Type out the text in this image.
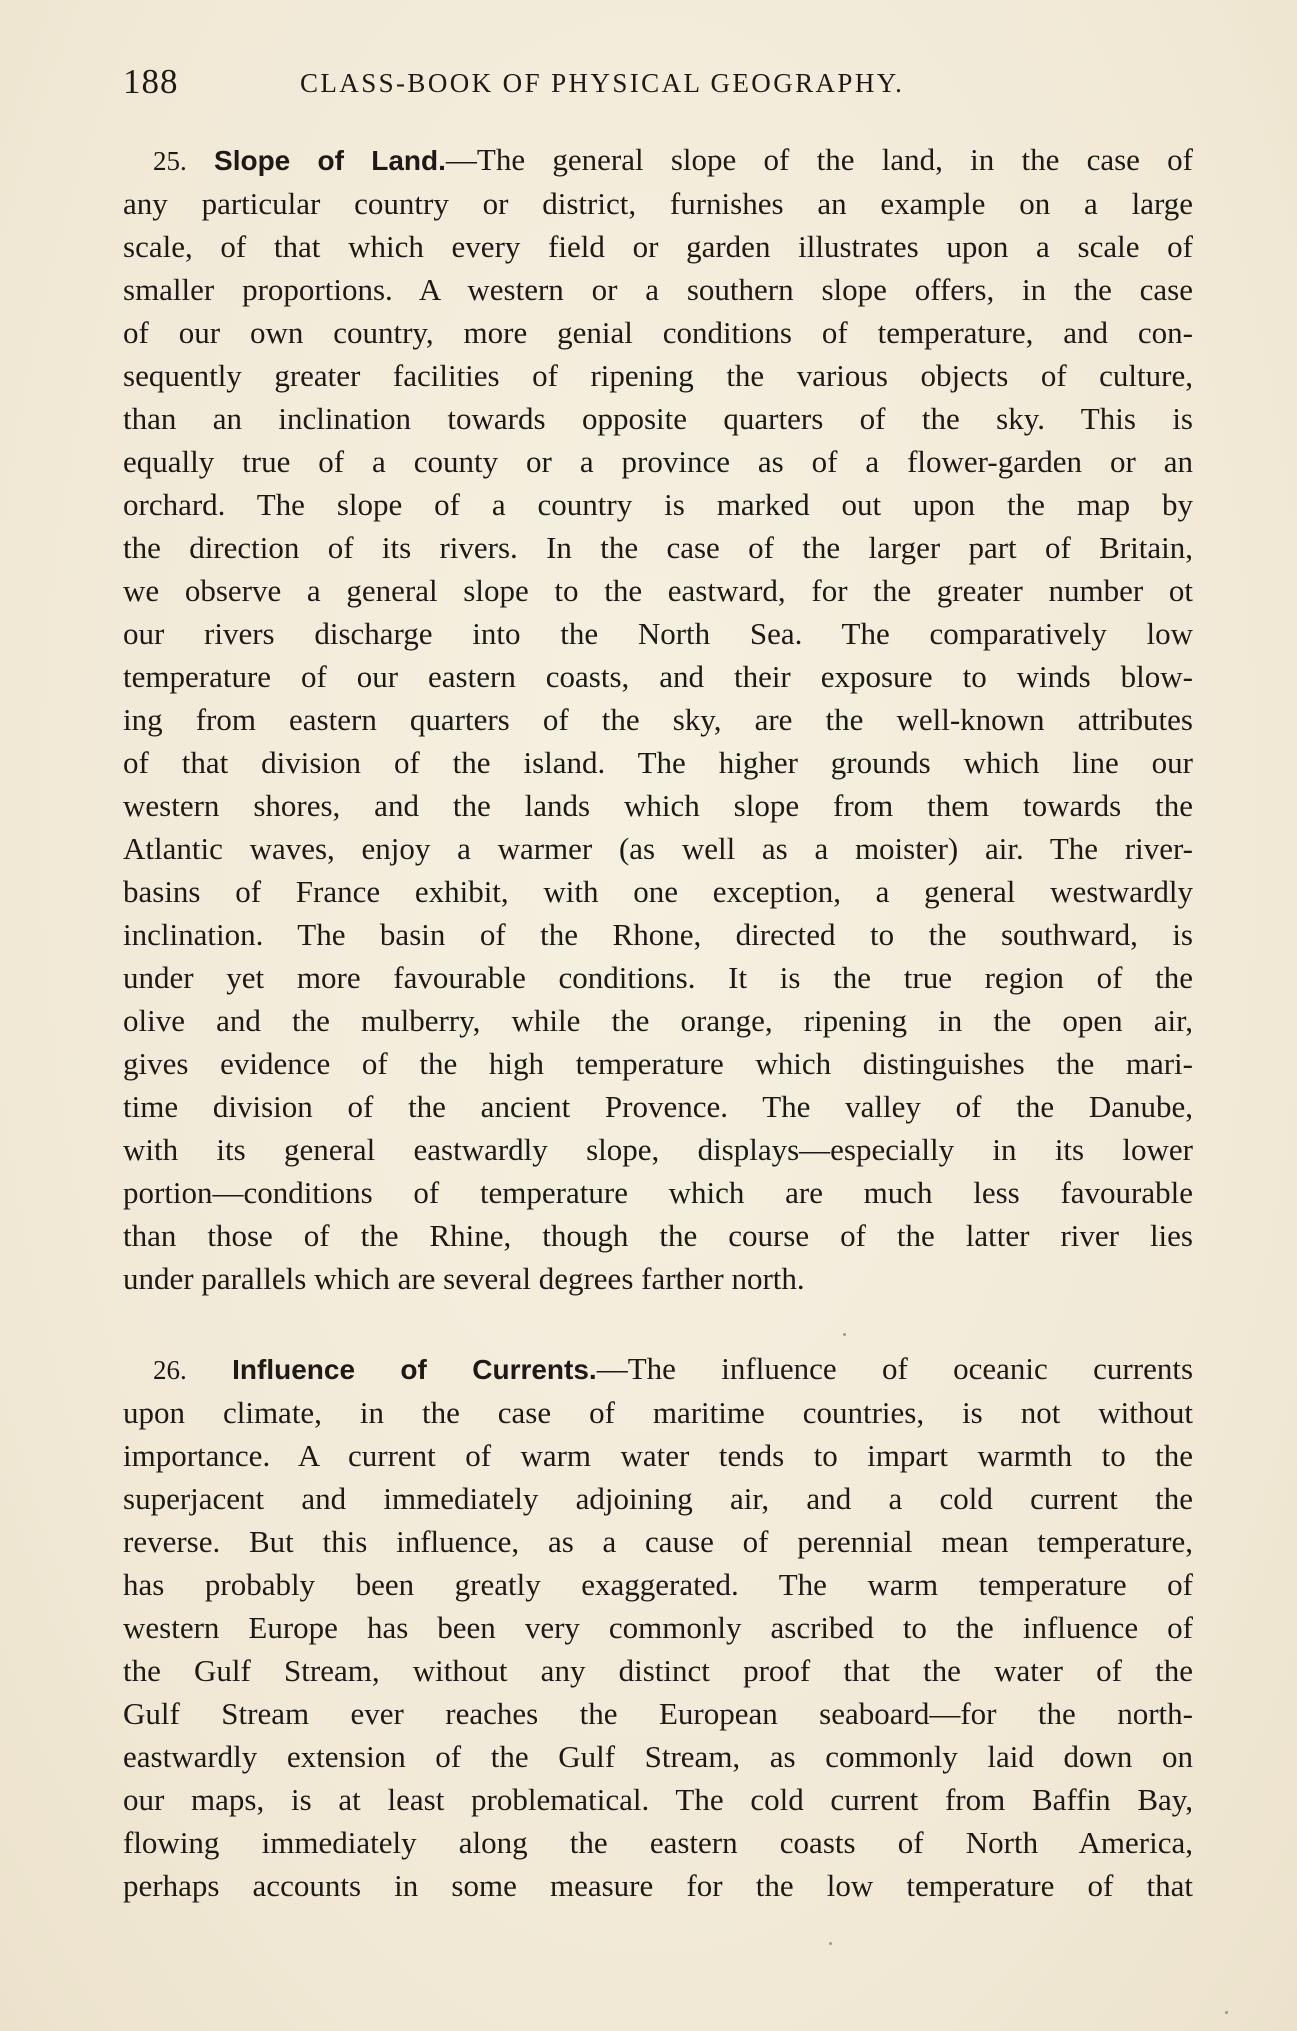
188	CLASS-BOOK OF PHYSICAL GEOGRAPHY.
25. Slope of Land.—The general slope of the land, in the case of
any particular country or district, furnishes an example on a large
scale, of that which every field or garden illustrates upon a scale of
smaller proportions. A western or a southern slope offers, in the case
of our own country, more genial conditions of temperature, and con-
sequently greater facilities of ripening the various objects of culture,
than an inclination towards opposite quarters of the sky. This is
equally true of a county or a province as of a flower-garden or an
orchard. The slope of a country is marked out upon the map by
the direction of its rivers. In the case of the larger part of Britain,
we observe a general slope to the eastward, for the greater number ot
our rivers discharge into the North Sea. The comparatively low
temperature of our eastern coasts, and their exposure to winds blow-
ing from eastern quarters of the sky, are the well-known attributes
of that division of the island. The higher grounds which line our
western shores, and the lands which slope from them towards the
Atlantic waves, enjoy a warmer (as well as a moister) air. The river-
basins of France exhibit, with one exception, a general westwardly
inclination. The basin of the Rhone, directed to the southward, is
under yet more favourable conditions. It is the true region of the
olive and the mulberry, while the orange, ripening in the open air,
gives evidence of the high temperature which distinguishes the mari-
time division of the ancient Provence. The valley of the Danube,
with its general eastwardly slope, displays—especially in its lower
portion—conditions of temperature which are much less favourable
than those of the Rhine, though the course of the latter river lies
under parallels which are several degrees farther north.
26. Influence of Currents.—The influence of oceanic currents
upon climate, in the case of maritime countries, is not without
importance. A current of warm water tends to impart warmth to the
superjacent and immediately adjoining air, and a cold current the
reverse. But this influence, as a cause of perennial mean temperature,
has probably been greatly exaggerated. The warm temperature of
western Europe has been very commonly ascribed to the influence of
the Gulf Stream, without any distinct proof that the water of the
Gulf Stream ever reaches the European seaboard—for the north-
eastwardly extension of the Gulf Stream, as commonly laid down on
our maps, is at least problematical. The cold current from Baffin Bay,
flowing immediately along the eastern coasts of North America,
perhaps accounts in some measure for the low temperature of that
